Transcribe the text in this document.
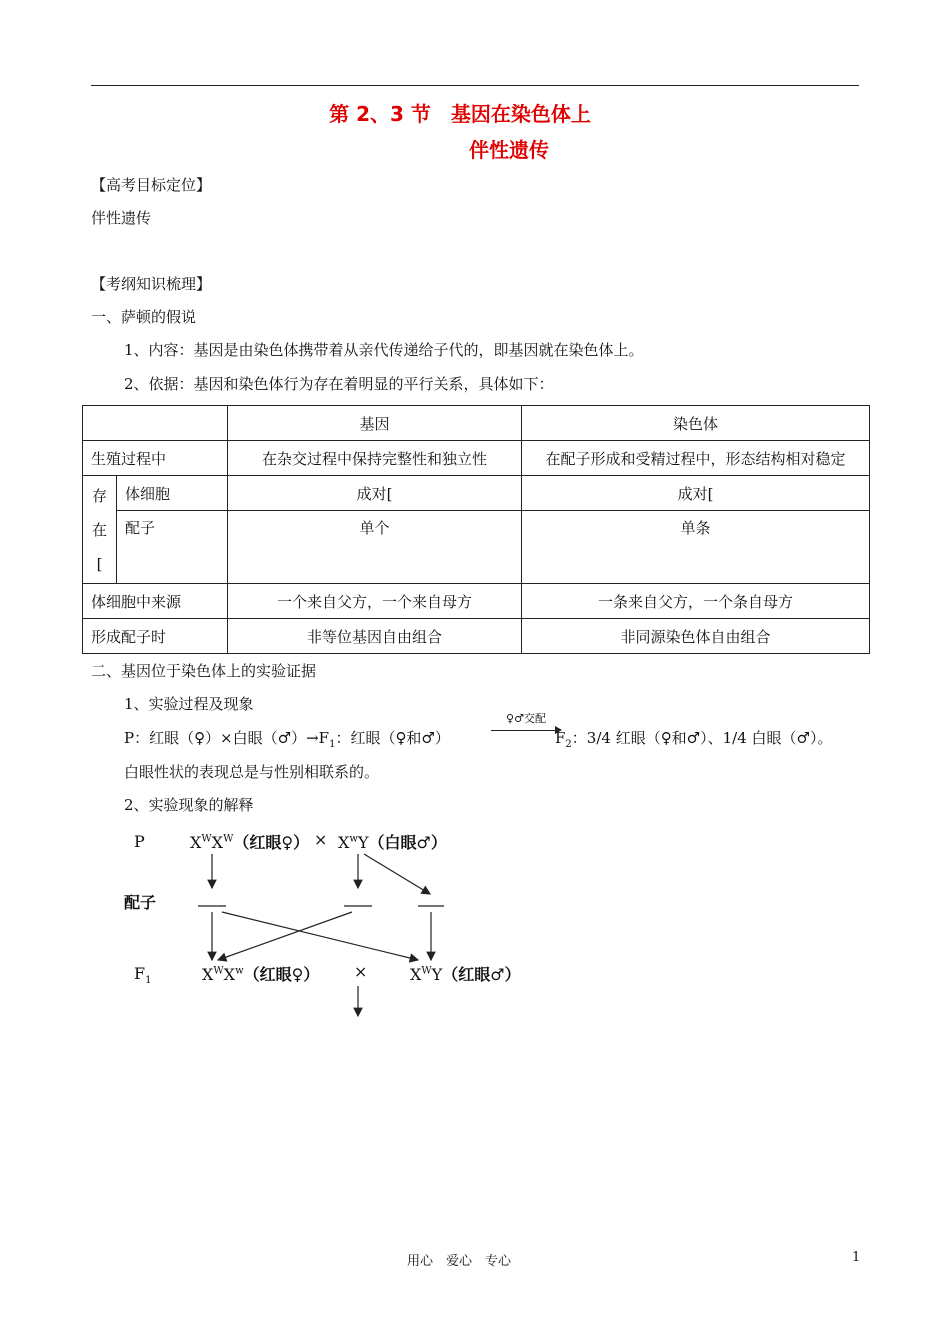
第 2、3 节　基因在染色体上
伴性遗传
【高考目标定位】
伴性遗传
【考纲知识梳理】
一、萨顿的假说
1、内容：基因是由染色体携带着从亲代传递给子代的，即基因就在染色体上。
2、依据：基因和染色体行为存在着明显的平行关系，具体如下：
		基因	染色体
生殖过程中		在杂交过程中保持完整性和独立性	在配子形成和受精过程中，形态结构相对稳定

存
在
[	体细胞	成对[	成对[
	配子	单个	单条
体细胞中来源		一个来自父方，一个来自母方	一条来自父方，一个条自母方
形成配子时		非等位基因自由组合	非同源染色体自由组合
二、基因位于染色体上的实验证据
1、实验过程及现象
P：红眼（♀）×白眼$(♂)\to F_1$：红眼（♀和♂）
♀♂交配
$F_2$：3/4 红眼（♀和♂）、1/4 白眼（♂）。
白眼性状的表现总是与性别相联系的。
2、实验现象的解释
P	$X^WX^W$（红眼♀） × $X^wY$（白眼♂）
配子
$F_1$	$X^WX^w$（红眼♀） ×	$X^WY$（红眼♂）
用心　爱心　专心	1
